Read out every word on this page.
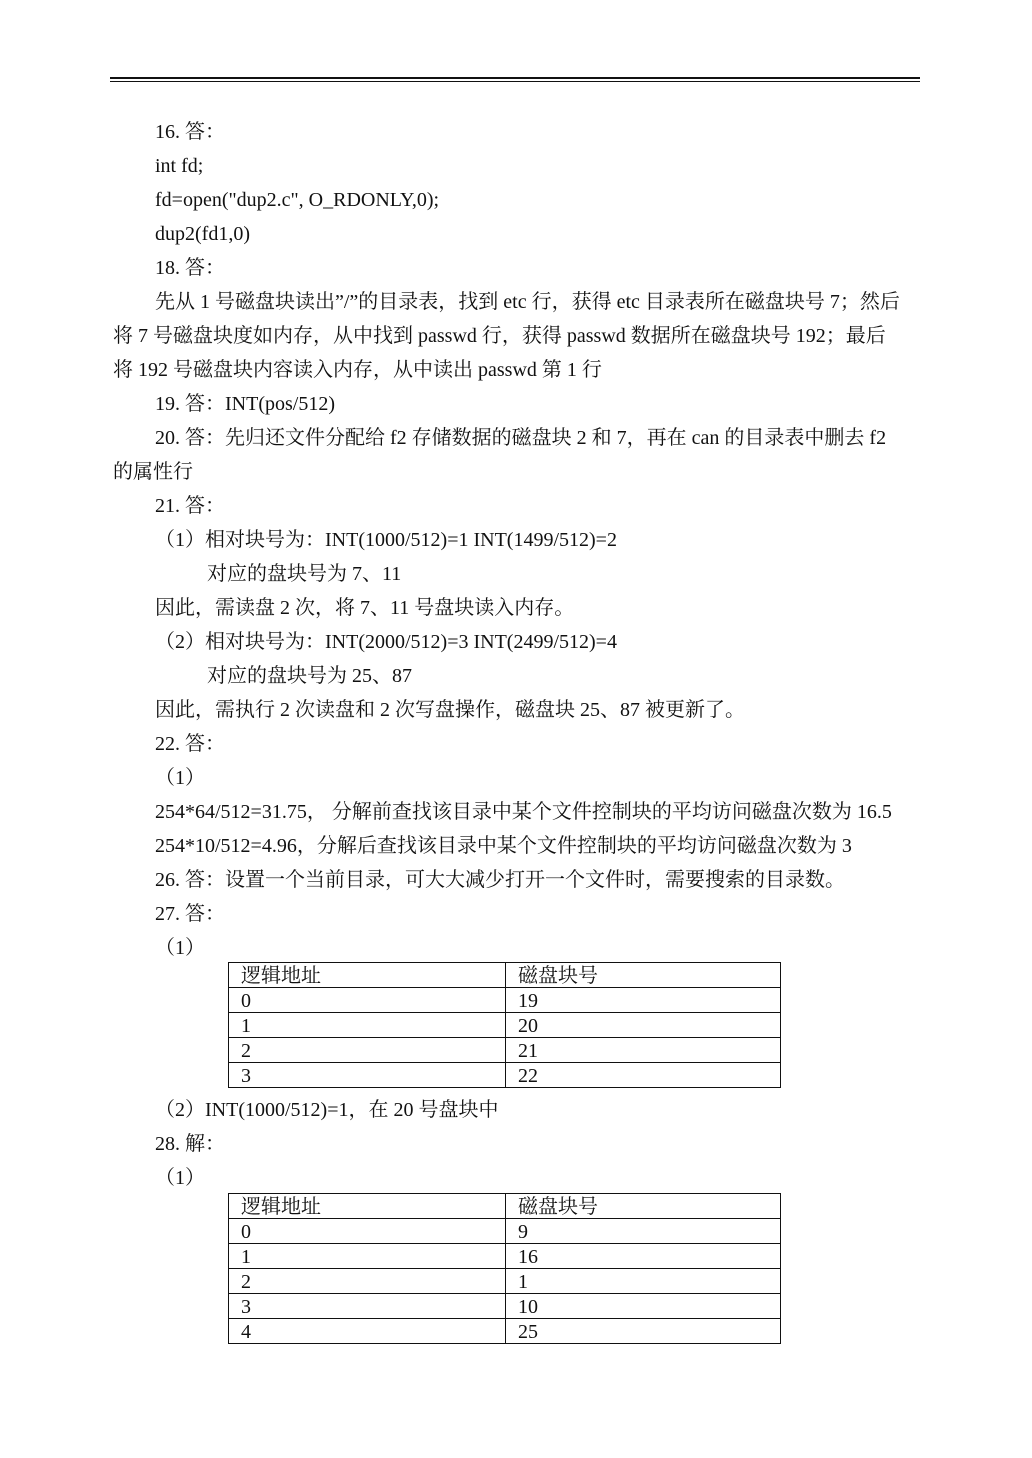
16. 答：
int fd;
fd=open("dup2.c", O_RDONLY,0);
dup2(fd1,0)
18. 答：
先从 1 号磁盘块读出”/”的目录表，找到 etc 行，获得 etc 目录表所在磁盘块号 7；然后
将 7 号磁盘块度如内存，从中找到 passwd 行，获得 passwd 数据所在磁盘块号 192；最后
将 192 号磁盘块内容读入内存，从中读出 passwd 第 1 行
19. 答：INT(pos/512)
20. 答：先归还文件分配给 f2 存储数据的磁盘块 2 和 7，再在 can 的目录表中删去 f2
的属性行
21. 答：
（1）相对块号为：INT(1000/512)=1 INT(1499/512)=2
对应的盘块号为 7、11
因此，需读盘 2 次，将 7、11 号盘块读入内存。
（2）相对块号为：INT(2000/512)=3 INT(2499/512)=4
对应的盘块号为 25、87
因此，需执行 2 次读盘和 2 次写盘操作，磁盘块 25、87 被更新了。
22. 答：
（1）
254*64/512=31.75， 分解前查找该目录中某个文件控制块的平均访问磁盘次数为 16.5
254*10/512=4.96，分解后查找该目录中某个文件控制块的平均访问磁盘次数为 3
26. 答：设置一个当前目录，可大大减少打开一个文件时，需要搜索的目录数。
27. 答：
（1）
逻辑地址	磁盘块号
0	19
1	20
2	21
3	22
（2）INT(1000/512)=1，在 20 号盘块中
28. 解：
（1）
逻辑地址	磁盘块号
0	9
1	16
2	1
3	10
4	25
